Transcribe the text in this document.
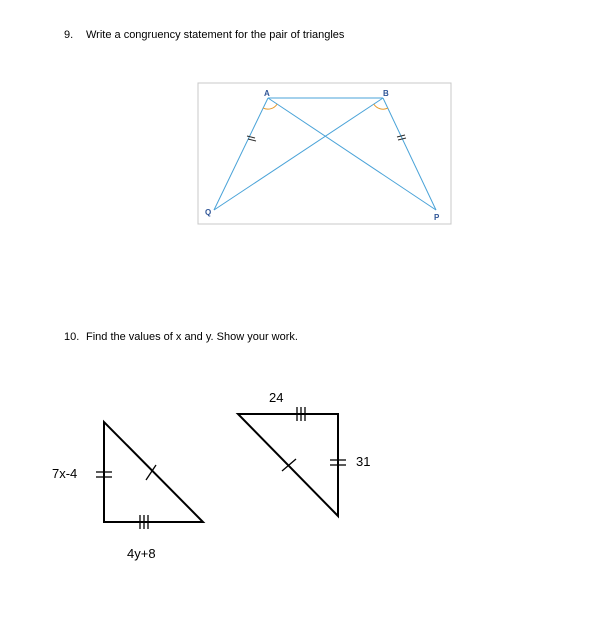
9. Write a congruency statement for the pair of triangles
10. Find the values of x and y. Show your work.
A	B
Q
P
7x-4
4y+8
24
31
